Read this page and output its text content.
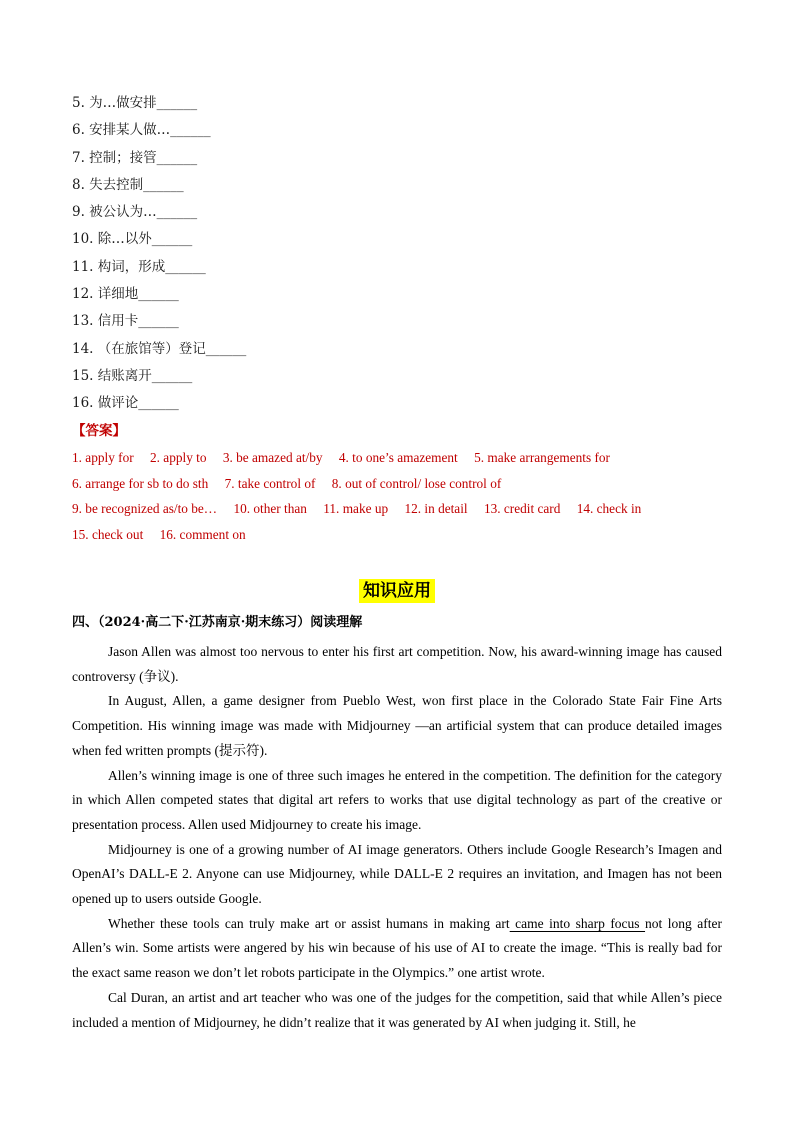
5. 为…做安排______
6. 安排某人做…______
7. 控制；接管______
8. 失去控制______
9. 被公认为…______
10. 除…以外______
11. 构词，形成______
12. 详细地______
13. 信用卡______
14. （在旅馆等）登记______
15. 结账离开______
16. 做评论______
【答案】
1. apply for 2. apply to 3. be amazed at/by 4. to one’s amazement 5. make arrangements for
6. arrange for sb to do sth 7. take control of 8. out of control/ lose control of
9. be recognized as/to be… 10. other than 11. make up 12. in detail 13. credit card 14. check in
15. check out 16. comment on
知识应用
四、（2024·高二下·江苏南京·期末练习）阅读理解

Jason Allen was almost too nervous to enter his first art competition. Now, his award-winning image has caused controversy (争议).

In August, Allen, a game designer from Pueblo West, won first place in the Colorado State Fair Fine Arts Competition. His winning image was made with Midjourney —an artificial system that can produce detailed images when fed written prompts (提示符).

Allen’s winning image is one of three such images he entered in the competition. The definition for the category in which Allen competed states that digital art refers to works that use digital technology as part of the creative or presentation process. Allen used Midjourney to create his image.

Midjourney is one of a growing number of AI image generators. Others include Google Research’s Imagen and OpenAI’s DALL-E 2. Anyone can use Midjourney, while DALL-E 2 requires an invitation, and Imagen has not been opened up to users outside Google.

Whether these tools can truly make art or assist humans in making art came into sharp focus not long after Allen’s win. Some artists were angered by his win because of his use of AI to create the image. “This is really bad for the exact same reason we don’t let robots participate in the Olympics.” one artist wrote.

Cal Duran, an artist and art teacher who was one of the judges for the competition, said that while Allen’s piece included a mention of Midjourney, he didn’t realize that it was generated by AI when judging it. Still, he
